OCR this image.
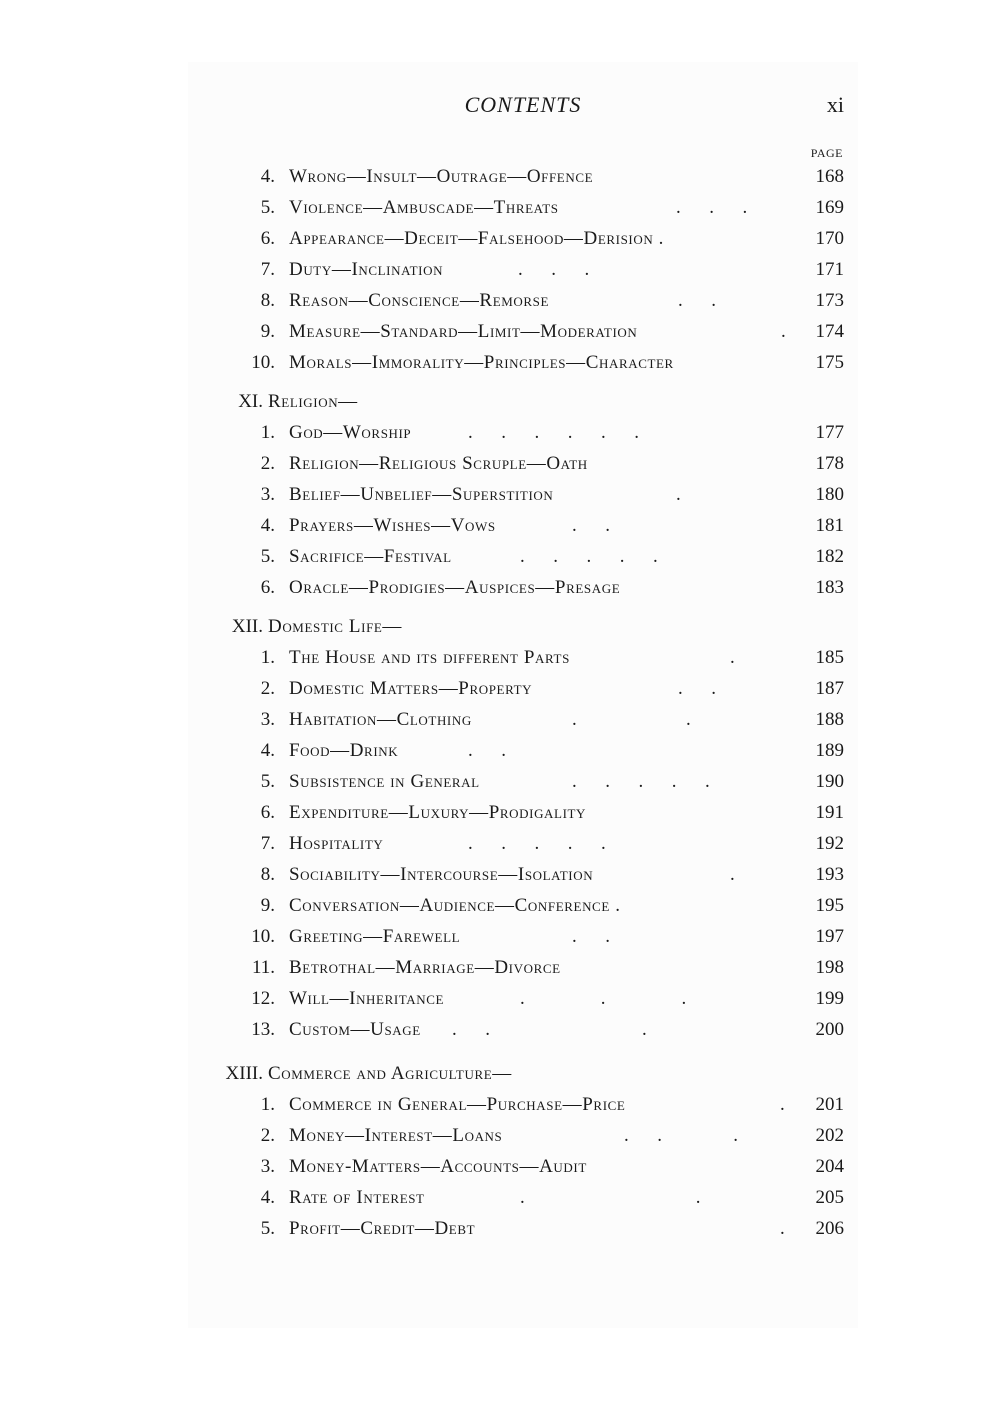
CONTENTS	xi
PAGE
4. Wrong—Insult—Outrage—Offence	168
5. Violence—Ambuscade—Threats	.      .      .	169
6. Appearance—Deceit—Falsehood—Derision .	170
7. Duty—Inclination	.      .      .	171
8. Reason—Conscience—Remorse	.      .	173
9. Measure—Standard—Limit—Moderation	. 174
10. Morals—Immorality—Principles—Character	175
XI. Religion—
1. God—Worship	.      .      .      .      .      .	177
2. Religion—Religious Scruple—Oath	178
3. Belief—Unbelief—Superstition	.	180
4. Prayers—Wishes—Vows	.      .	181
5. Sacrifice—Festival	.      .      .      .      .	182
6. Oracle—Prodigies—Auspices—Presage	183
XII. Domestic Life—
1. The House and its different Parts	.	185
2. Domestic Matters—Property	.      .	187
3. Habitation—Clothing	.                       .	188
4. Food—Drink	.      .	189
5. Subsistence in General	.      .      .      .      .	190
6. Expenditure—Luxury—Prodigality	191
7. Hospitality	.      .      .      .      .	192
8. Sociability—Intercourse—Isolation	.	193
9. Conversation—Audience—Conference .	195
10. Greeting—Farewell	.      .	197
11. Betrothal—Marriage—Divorce	198
12. Will—Inheritance	.                .                .	199
13. Custom—Usage .      .                                .	200
XIII. Commerce and Agriculture—
1. Commerce in General—Purchase—Price	. 201
2. Money—Interest—Loans	.      .               .	202
3. Money-Matters—Accounts—Audit	204
4. Rate of Interest	.                                    .	205
5. Profit—Credit—Debt	. 206
